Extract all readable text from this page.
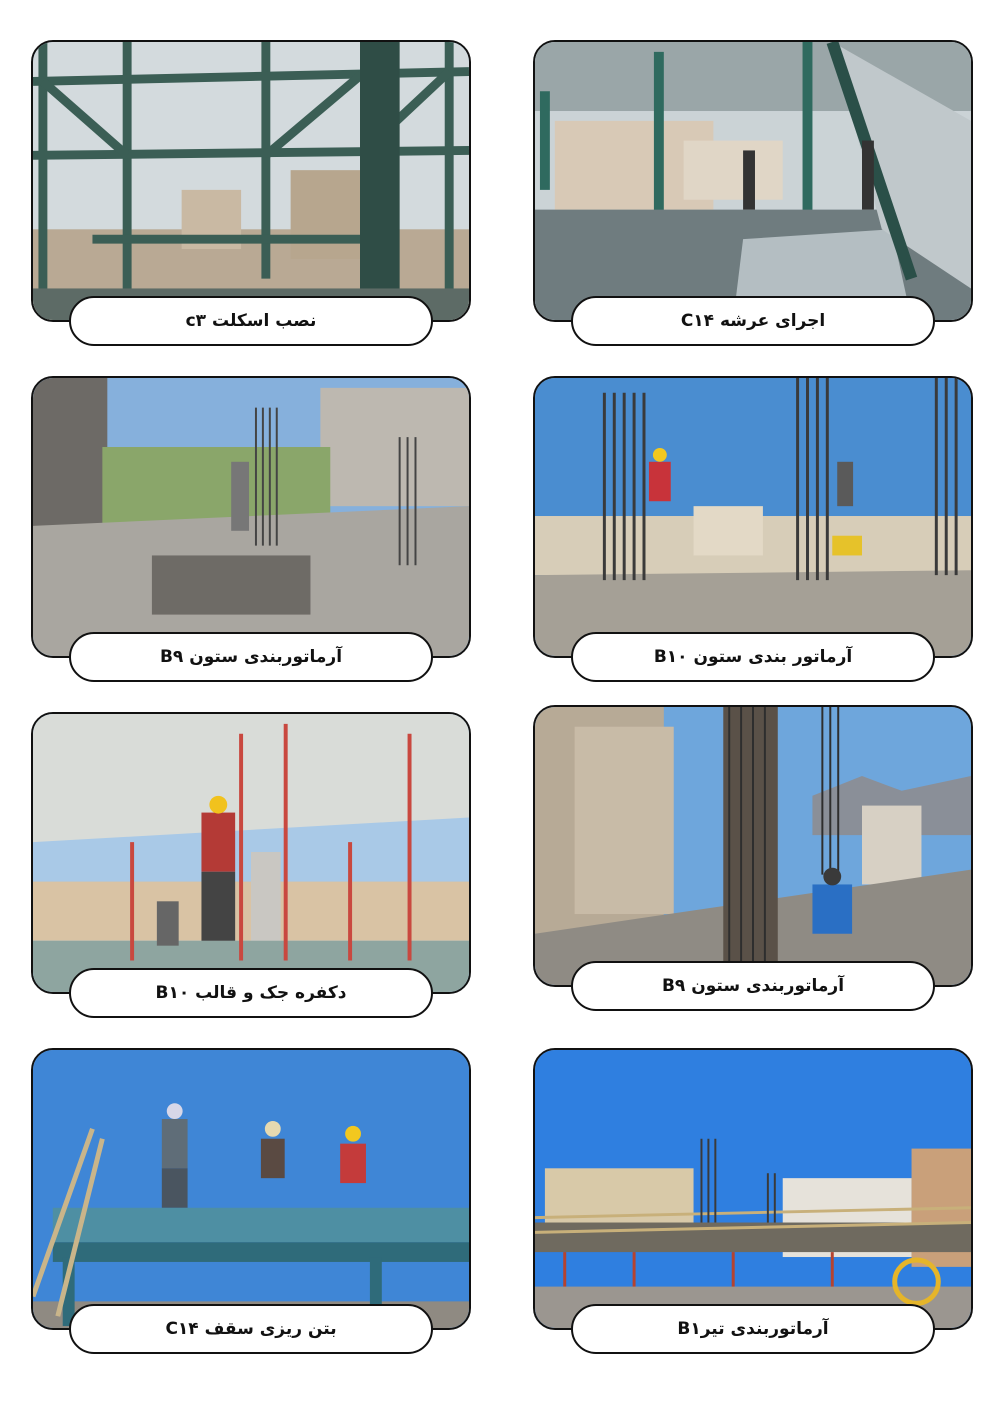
نصب اسکلت c۳	اجرای عرشه C۱۴
آرماتوربندی ستون B۹	آرماتور بندی ستون B۱۰
دکفره جک و قالب B۱۰	آرماتوربندی ستون B۹
بتن ریزی سقف C۱۴	آرماتوربندی تیرB۱
